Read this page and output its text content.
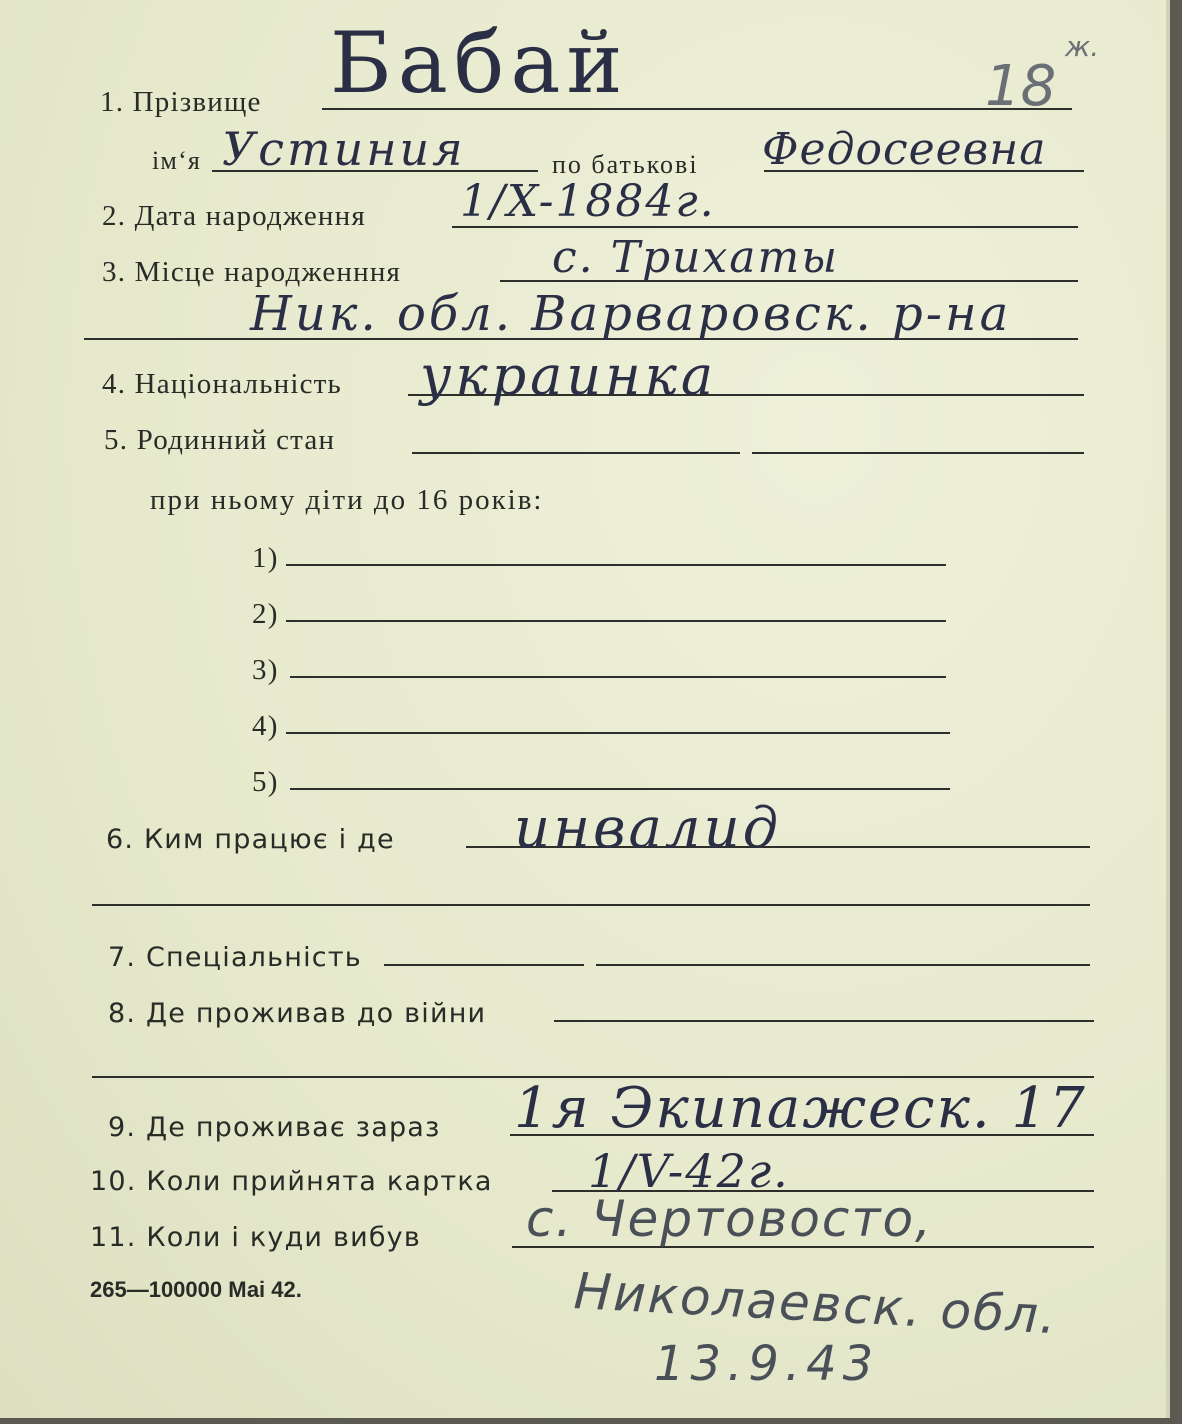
1. Прізвище Бабай	18
ж.
ім‘я Устиния	по батькові Федосеевна
2. Дата народження 1/X-1884г.
3. Місце народженння	с. Трихаты
Ник. обл. Варваровск. р-на
4. Національність украинка
5. Родинний стан
при ньому діти до 16 років:
1)
2)
3)
4)
5)
6. Ким працює і де инвалид
7. Спеціальність
8. Де проживав до війни
9. Де проживає зараз 1я Экипажеск. 17
10. Коли прийнята картка 1/V-42г.
11. Коли і куди вибув с. Чертовосто,
Николаевск. обл.
13.9.43
265—100000 Маі 42.
